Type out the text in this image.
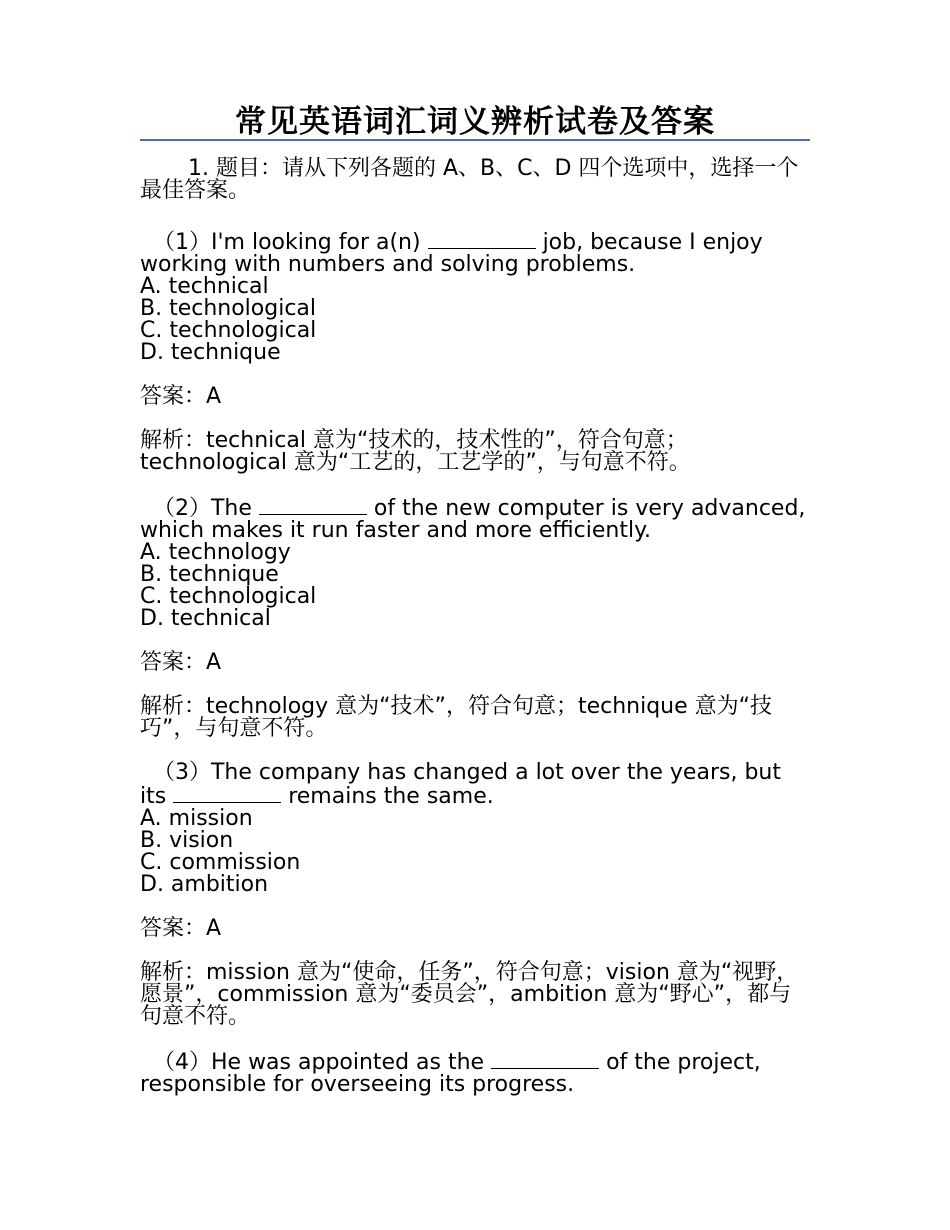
常见英语词汇词义辨析试卷及答案

1. 题目：请从下列各题的 A、B、C、D 四个选项中，选择一个最佳答案。

（1）I'm looking for a(n)	job, because I enjoy working with numbers and solving problems.

A. technical

B. technological

C. technological

D. technique

答案：A

解析：technical 意为“技术的，技术性的”，符合句意；technological 意为“工艺的，工艺学的”，与句意不符。

（2）The	of the new computer is very advanced, which makes it run faster and more efficiently.

A. technology

B. technique

C. technological

D. technical

答案：A

解析：technology 意为“技术”，符合句意；technique 意为“技巧”，与句意不符。

（3）The company has changed a lot over the years, but its	remains the same.

A. mission

B. vision

C. commission

D. ambition

答案：A

解析：mission 意为“使命，任务”，符合句意；vision 意为“视野，愿景”，commission 意为“委员会”，ambition 意为“野心”，都与句意不符。

（4）He was appointed as the	of the project, responsible for overseeing its progress.
